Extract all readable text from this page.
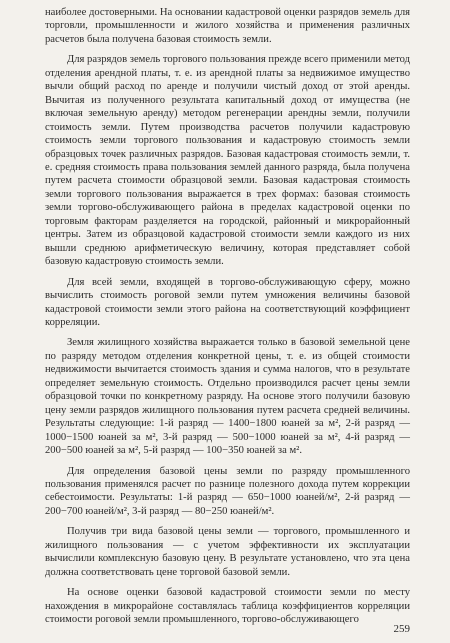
наиболее достоверными. На основании кадастровой оценки разрядов земель для торговли, промышленности и жилого хозяйства и применения различных расчетов была получена базовая стоимость земли.

Для разрядов земель торгового пользования прежде всего применили метод отделения арендной платы, т. е. из арендной платы за недвижимое имущество вычли общий расход по аренде и получили чистый доход от этой аренды. Вычитая из полученного результата капитальный доход от имущества (не включая земельную аренду) методом регенерации арендны земли, получили стоимость земли. Путем производства расчетов получили кадастровую стоимость земли торгового пользования и кадастровую стоимость земли образцовых точек различных разрядов. Базовая кадастровая стоимость земли, т. е. средняя стоимость права пользования землей данного разряда, была получена путем расчета стоимости образцовой земли. Базовая кадастровая стоимость земли торгового пользования выражается в трех формах: базовая стоимость земли торгово-обслуживающего района в пределах кадастровой оценки по торговым факторам разделяется на городской, районный и микрорайонный центры. Затем из образцовой кадастровой стоимости земли каждого из них вышли среднюю арифметическую величину, которая представляет собой базовую кадастровую стоимость земли.

Для всей земли, входящей в торгово-обслуживающую сферу, можно вычислить стоимость роговой земли путем умножения величины базовой кадастровой стоимости земли этого района на соответствующий коэффициент корреляции.

Земля жилищного хозяйства выражается только в базовой земельной цене по разряду методом отделения конкретной цены, т. е. из общей стоимости недвижимости вычитается стоимость здания и сумма налогов, что в результате определяет земельную стоимость. Отдельно производился расчет цены земли образцовой точки по конкретному разряду. На основе этого получили базовую цену земли разрядов жилищного пользования путем расчета средней величины. Результаты следующие: 1-й разряд — 1400−1800 юаней за м², 2-й разряд — 1000−1500 юаней за м², 3-й разряд — 500−1000 юаней за м², 4-й разряд — 200−500 юаней за м², 5-й разряд — 100−350 юаней за м².

Для определения базовой цены земли по разряду промышленного пользования применялся расчет по разнице полезного дохода путем коррекции себестоимости. Результаты: 1-й разряд — 650−1000 юаней/м², 2-й разряд — 200−700 юаней/м², 3-й разряд — 80−250 юаней/м².

Получив три вида базовой цены земли — торгового, промышленного и жилищного пользования — с учетом эффективности их эксплуатации вычислили комплексную базовую цену. В результате установлено, что эта цена должна соответствовать цене торговой базовой земли.

На основе оценки базовой кадастровой стоимости земли по месту нахождения в микрорайоне составлялась таблица коэффициентов корреляции стоимости роговой земли промышленного, торгово-обслуживающего

259
